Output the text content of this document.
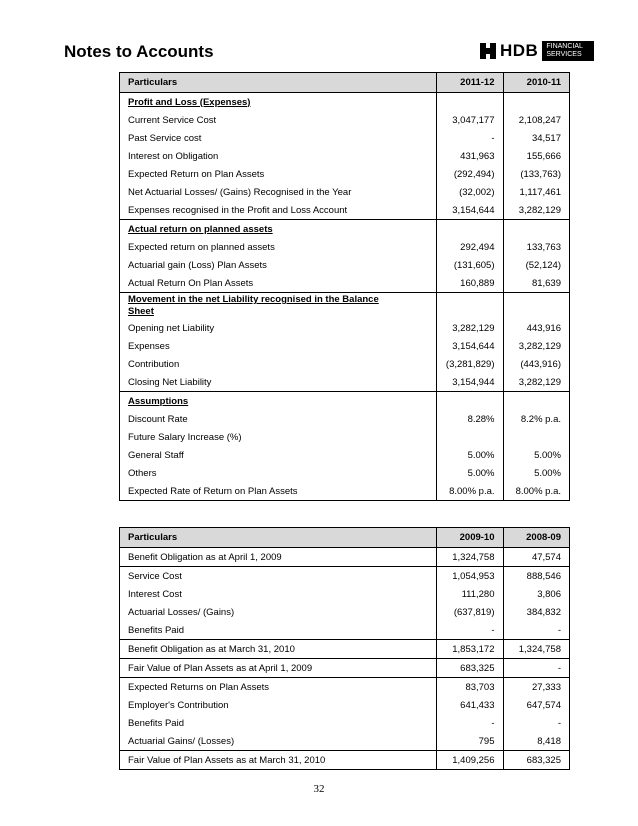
Notes to Accounts	HDB FINANCIAL
SERVICES
Particulars	2011-12	2010-11
Profit and Loss (Expenses)		
Current Service Cost	3,047,177	2,108,247
Past Service cost	-	34,517
Interest on Obligation	431,963	155,666
Expected Return on Plan Assets	(292,494)	(133,763)
Net Actuarial Losses/ (Gains) Recognised in the Year	(32,002)	1,117,461
Expenses recognised in the Profit and Loss Account	3,154,644	3,282,129
Actual return on planned assets		
Expected return on planned assets	292,494	133,763
Actuarial gain (Loss) Plan Assets	(131,605)	(52,124)
Actual Return On Plan Assets	160,889	81,639
Movement in the net Liability recognised in the Balance Sheet		
Opening net Liability	3,282,129	443,916
Expenses	3,154,644	3,282,129
Contribution	(3,281,829)	(443,916)
Closing Net Liability	3,154,944	3,282,129
Assumptions		
Discount Rate	8.28%	8.2% p.a.
Future Salary Increase (%)		
General Staff	5.00%	5.00%
Others	5.00%	5.00%
Expected Rate of Return on Plan Assets	8.00% p.a.	8.00% p.a.
Particulars	2009-10	2008-09
Benefit Obligation as at April 1, 2009	1,324,758	47,574
Service Cost	1,054,953	888,546
Interest Cost	111,280	3,806
Actuarial Losses/ (Gains)	(637,819)	384,832
Benefits Paid	-	-
Benefit Obligation as at March 31, 2010	1,853,172	1,324,758
Fair Value of Plan Assets as at April 1, 2009	683,325	-
Expected Returns on Plan Assets	83,703	27,333
Employer's Contribution	641,433	647,574
Benefits Paid	-	-
Actuarial Gains/ (Losses)	795	8,418
Fair Value of Plan Assets as at March 31, 2010	1,409,256	683,325
32
